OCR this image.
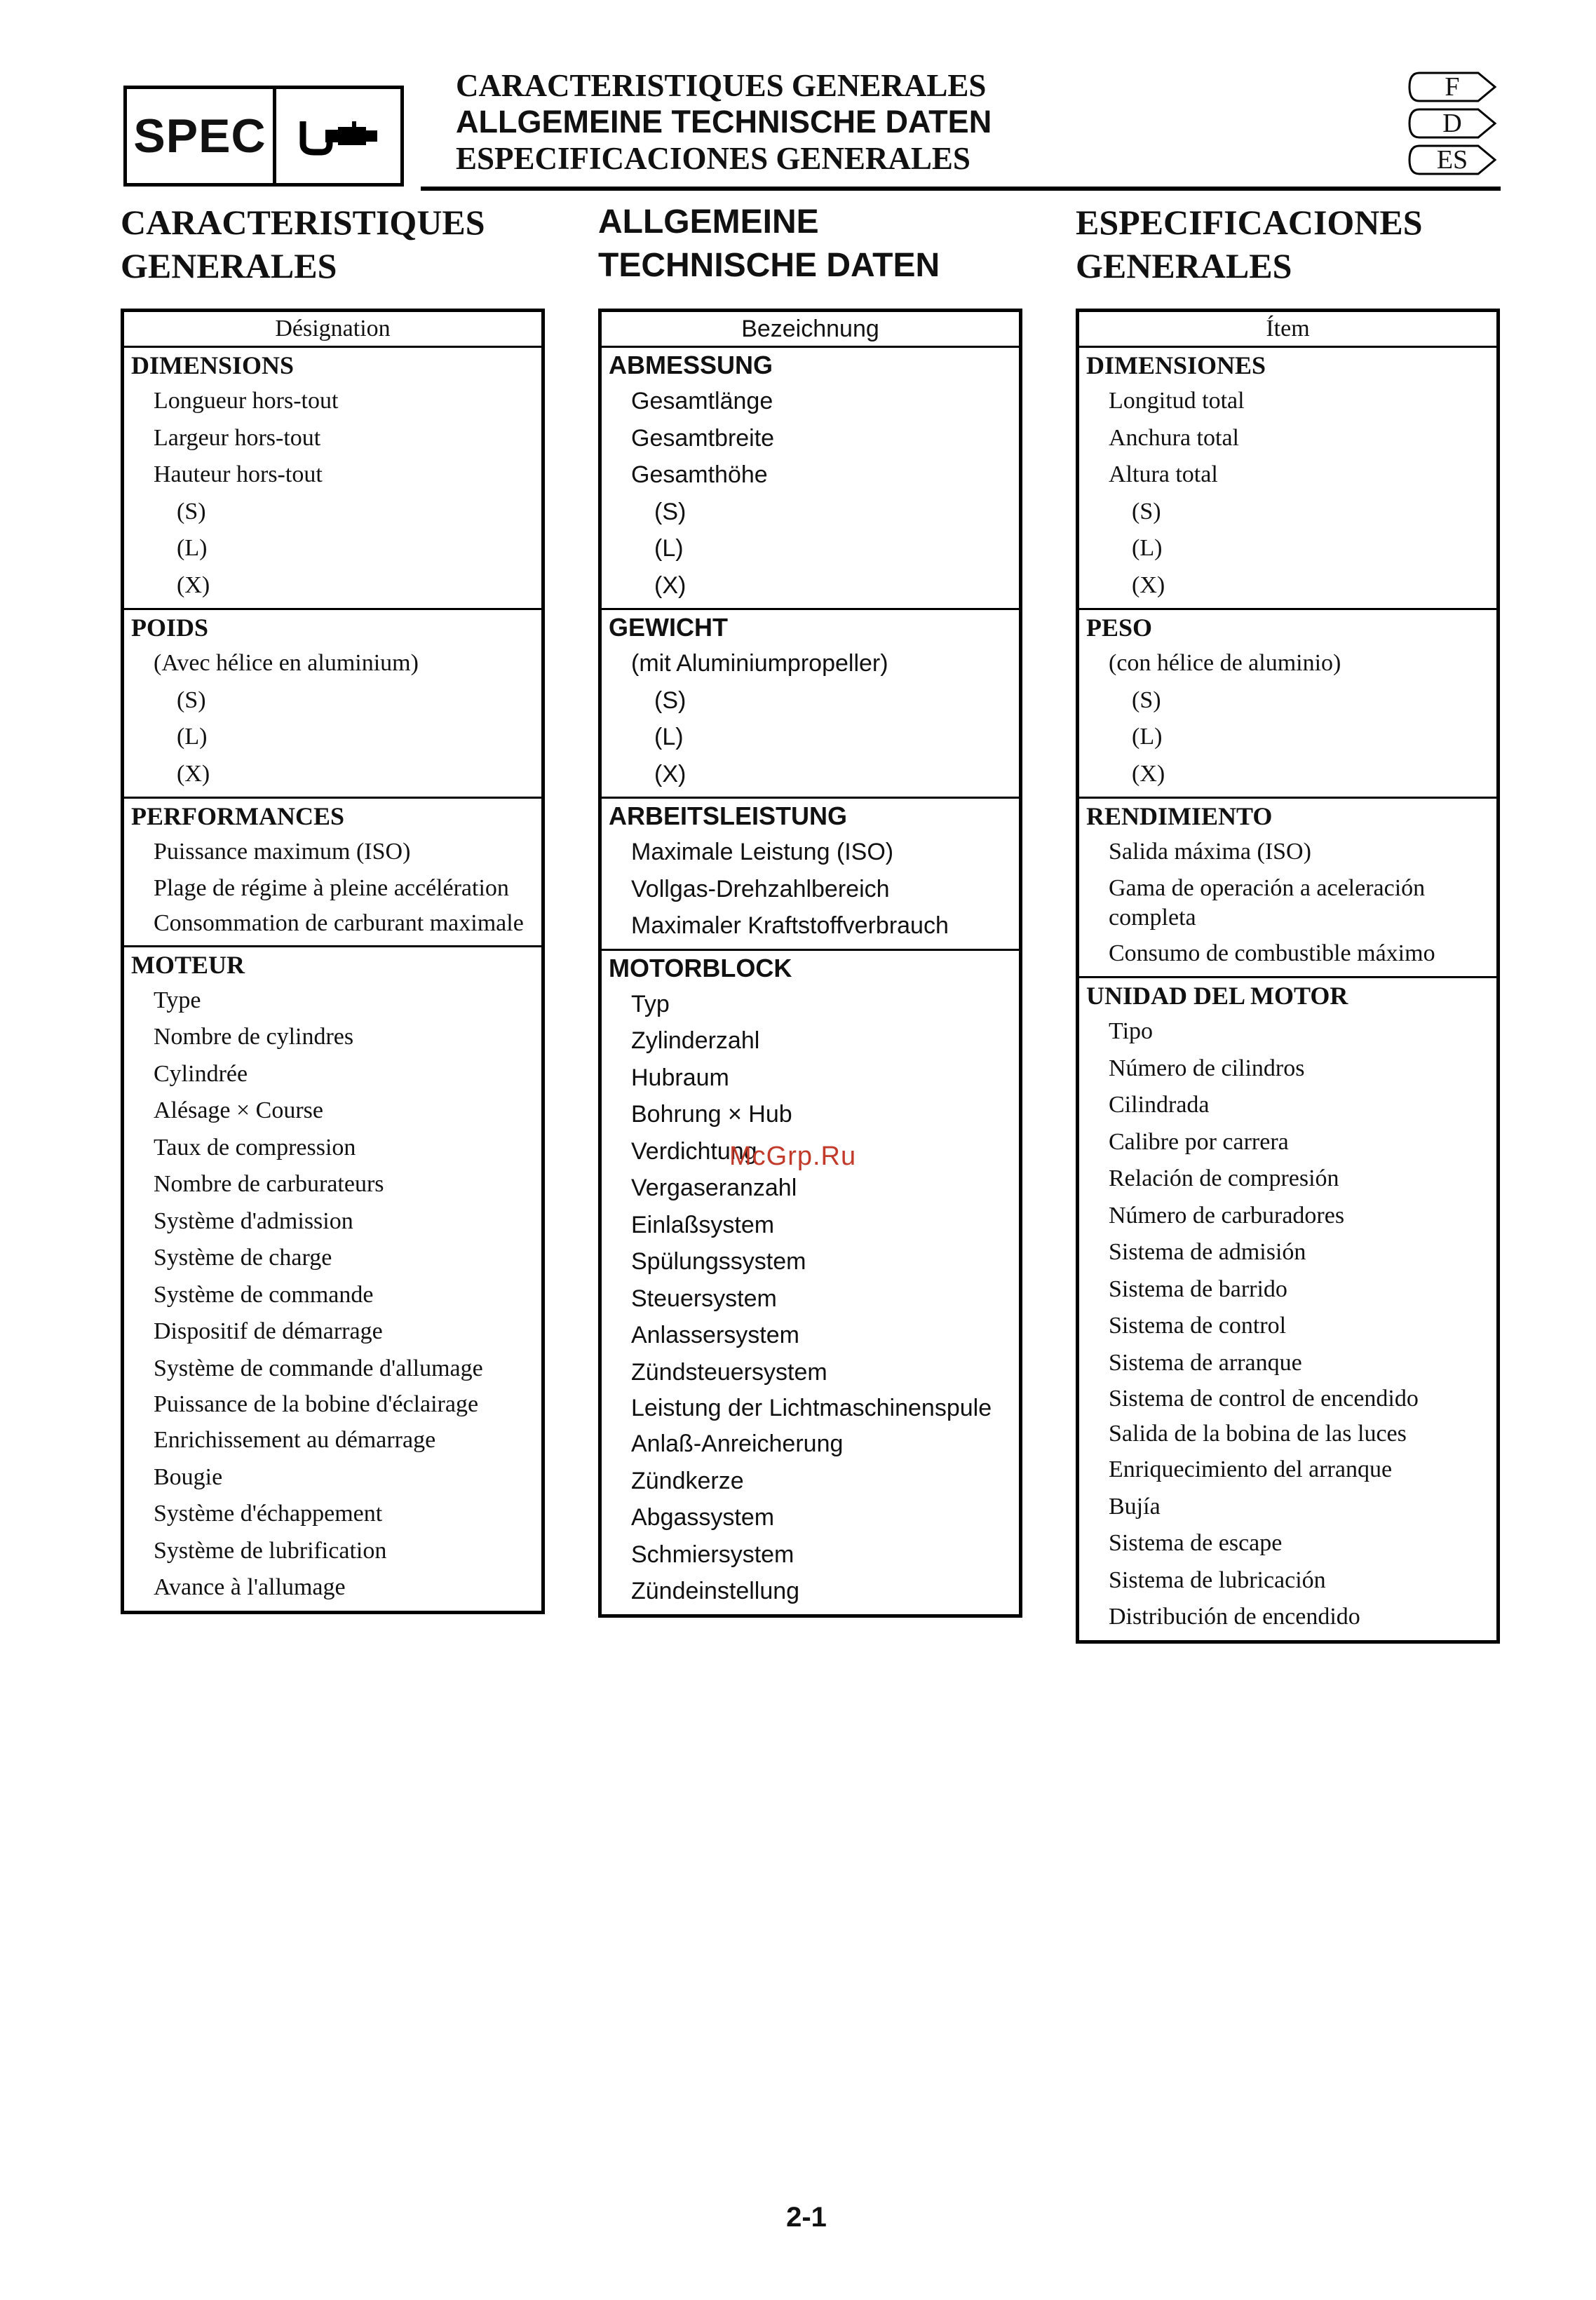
SPEC
CARACTERISTIQUES GENERALES
ALLGEMEINE TECHNISCHE DATEN
ESPECIFICACIONES GENERALES
F
D
ES
CARACTERISTIQUES
GENERALES
Désignation
DIMENSIONS
Longueur hors-tout
Largeur hors-tout
Hauteur hors-tout
(S)
(L)
(X)
POIDS
(Avec hélice en aluminium)
(S)
(L)
(X)
PERFORMANCES
Puissance maximum (ISO)
Plage de régime à pleine accélération
Consommation de carburant maximale
MOTEUR
Type
Nombre de cylindres
Cylindrée
Alésage × Course
Taux de compression
Nombre de carburateurs
Système d'admission
Système de charge
Système de commande
Dispositif de démarrage
Système de commande d'allumage
Puissance de la bobine d'éclairage
Enrichissement au démarrage
Bougie
Système d'échappement
Système de lubrification
Avance à l'allumage
ALLGEMEINE
TECHNISCHE DATEN
Bezeichnung
ABMESSUNG
Gesamtlänge
Gesamtbreite
Gesamthöhe
(S)
(L)
(X)
GEWICHT
(mit Aluminiumpropeller)
(S)
(L)
(X)
ARBEITSLEISTUNG
Maximale Leistung (ISO)
Vollgas-Drehzahlbereich
Maximaler Kraftstoffverbrauch
MOTORBLOCK
Typ
Zylinderzahl
Hubraum
Bohrung × Hub
Verdichtung
Vergaseranzahl
Einlaßsystem
Spülungssystem
Steuersystem
Anlassersystem
Zündsteuersystem
Leistung der Lichtmaschinenspule
Anlaß-Anreicherung
Zündkerze
Abgassystem
Schmiersystem
Zündeinstellung
ESPECIFICACIONES
GENERALES
Ítem
DIMENSIONES
Longitud total
Anchura total
Altura total
(S)
(L)
(X)
PESO
(con hélice de aluminio)
(S)
(L)
(X)
RENDIMIENTO
Salida máxima (ISO)
Gama de operación a aceleración completa
Consumo de combustible máximo
UNIDAD DEL MOTOR
Tipo
Número de cilindros
Cilindrada
Calibre por carrera
Relación de compresión
Número de carburadores
Sistema de admisión
Sistema de barrido
Sistema de control
Sistema de arranque
Sistema de control de encendido
Salida de la bobina de las luces
Enriquecimiento del arranque
Bujía
Sistema de escape
Sistema de lubricación
Distribución de encendido
McGrp.Ru
2-1
